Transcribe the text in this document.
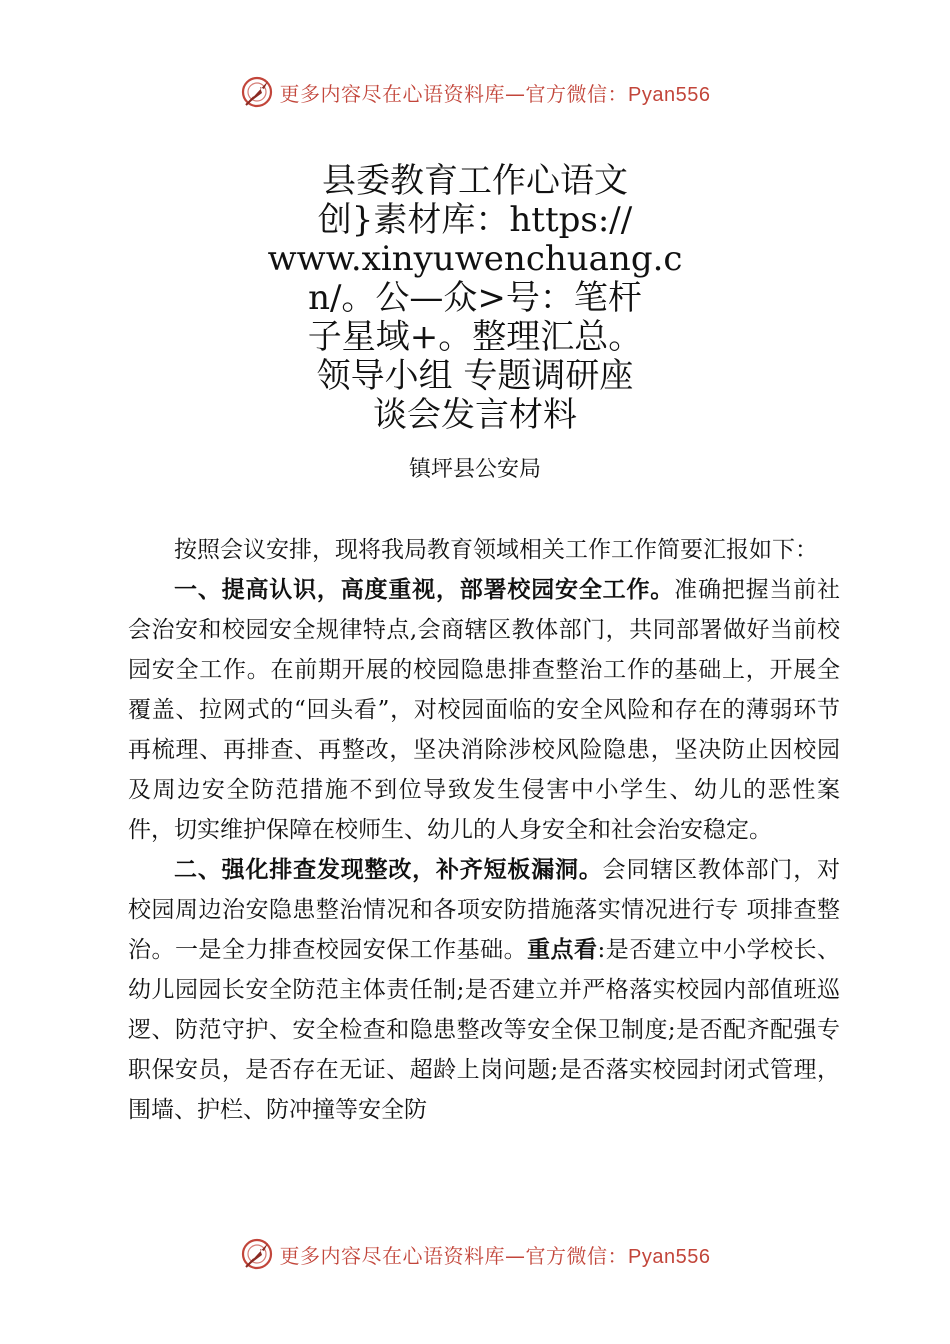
更多内容尽在心语资料库—官方微信：Pyan556
县委教育工作心语文
创}素材库：https://
www.xinyuwenchuang.c
n/。公—众>号：笔杆
子星域+。整理汇总。
领导小组 专题调研座
谈会发言材料
镇坪县公安局

按照会议安排，现将我局教育领域相关工作工作简要汇报如下：

一、提高认识，高度重视，部署校园安全工作。准确把握当前社会治安和校园安全规律特点,会商辖区教体部门，共同部署做好当前校园安全工作。在前期开展的校园隐患排查整治工作的基础上，开展全覆盖、拉网式的“回头看”，对校园面临的安全风险和存在的薄弱环节再梳理、再排查、再整改，坚决消除涉校风险隐患，坚决防止因校园及周边安全防范措施不到位导致发生侵害中小学生、幼儿的恶性案件，切实维护保障在校师生、幼儿的人身安全和社会治安稳定。

二、强化排查发现整改，补齐短板漏洞。会同辖区教体部门，对校园周边治安隐患整治情况和各项安防措施落实情况进行专 项排查整治。一是全力排查校园安保工作基础。重点看:是否建立中小学校长、幼儿园园长安全防范主体责任制;是否建立并严格落实校园内部值班巡逻、防范守护、安全检查和隐患整改等安全保卫制度;是否配齐配强专职保安员，是否存在无证、超龄上岗问题;是否落实校园封闭式管理，围墙、护栏、防冲撞等安全防

更多内容尽在心语资料库—官方微信：Pyan556
